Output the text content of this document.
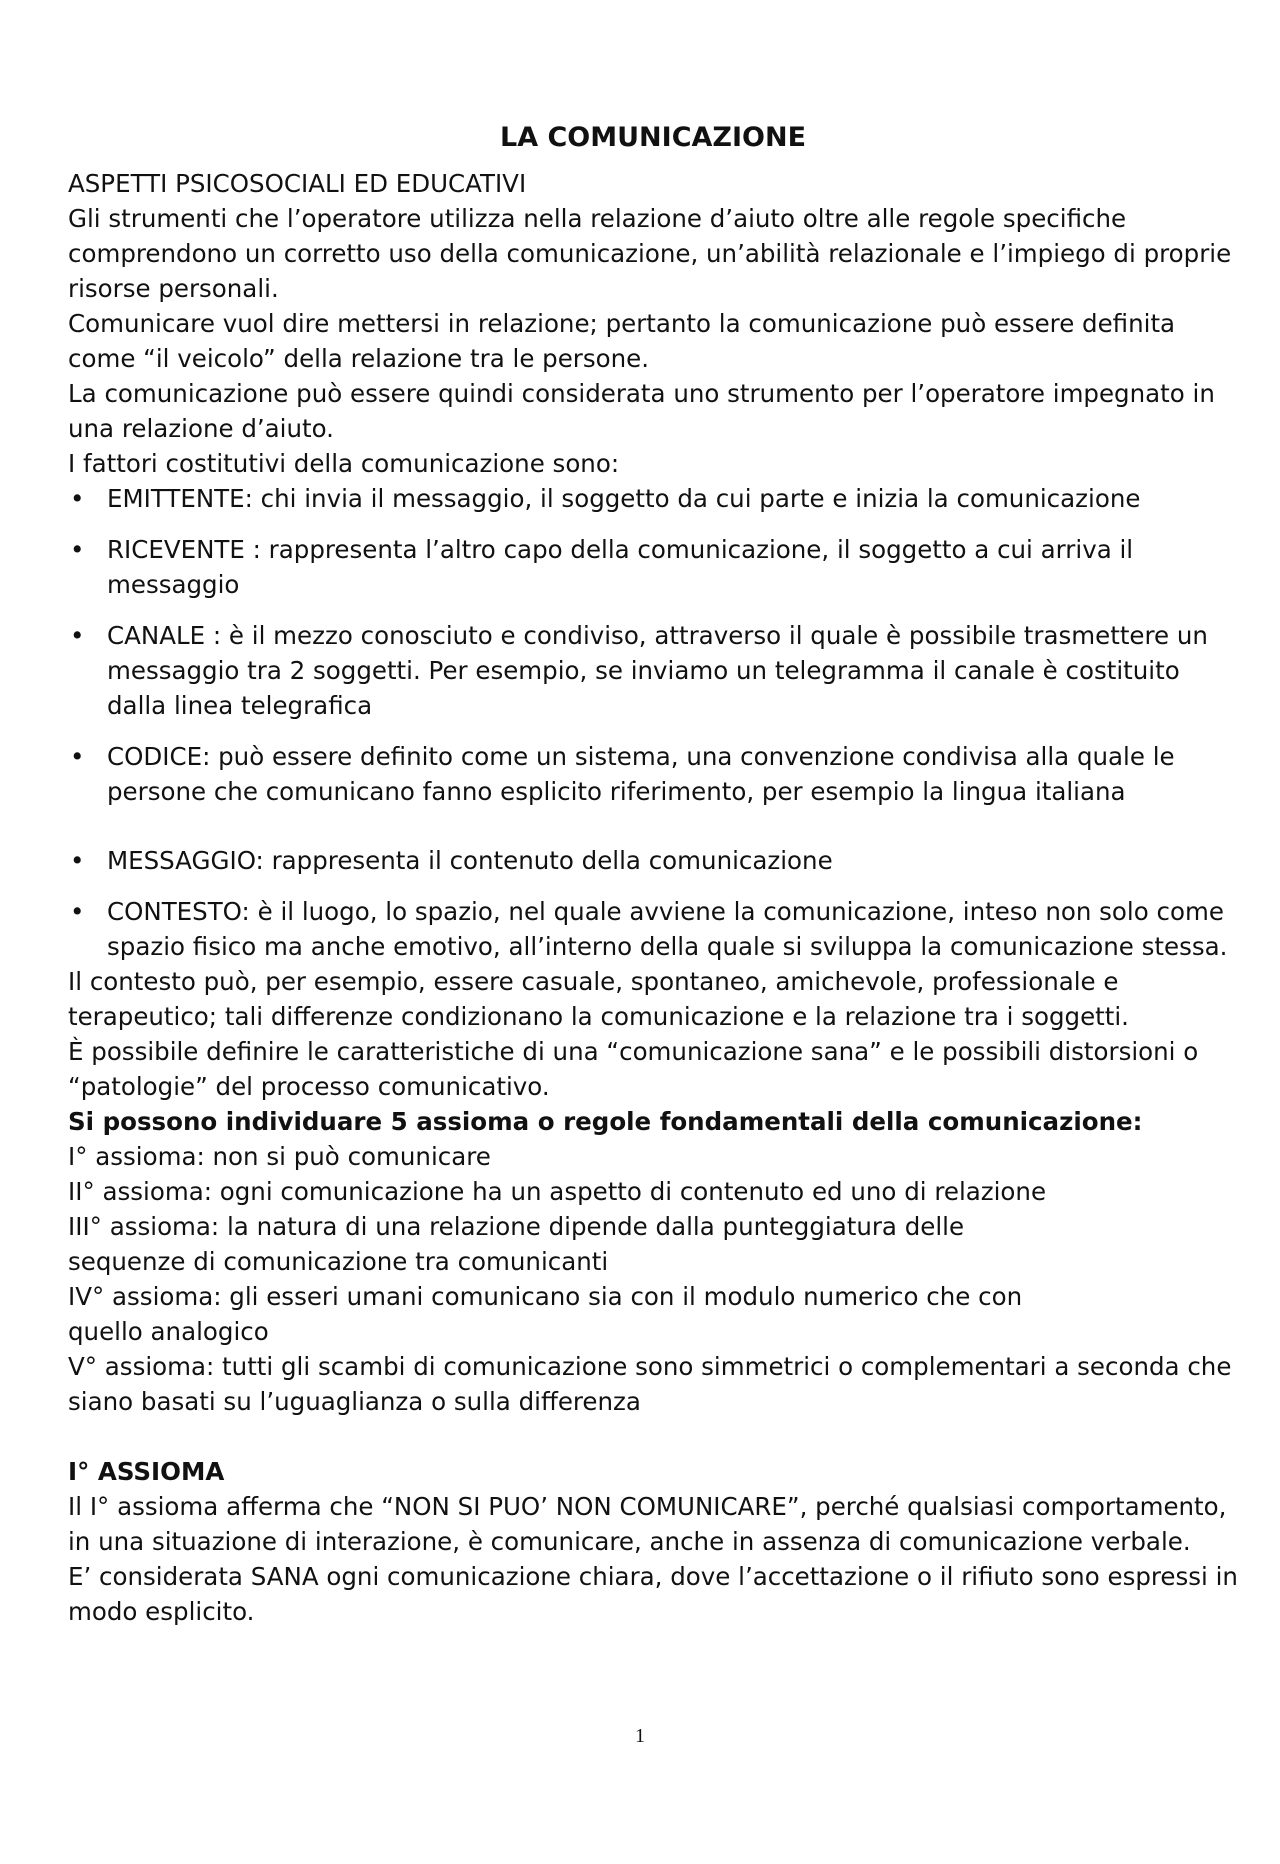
LA COMUNICAZIONE

ASPETTI PSICOSOCIALI ED EDUCATIVI

Gli strumenti che l’operatore utilizza nella relazione d’aiuto oltre alle regole specifiche comprendono un corretto uso della comunicazione, un’abilità relazionale e l’impiego di proprie risorse personali.

Comunicare vuol dire mettersi in relazione; pertanto la comunicazione può essere definita come “il veicolo” della relazione tra le persone.

La comunicazione può essere quindi considerata uno strumento per l’operatore impegnato in una relazione d’aiuto.

I fattori costitutivi della comunicazione sono:

• EMITTENTE: chi invia il messaggio, il soggetto da cui parte e inizia la comunicazione
• RICEVENTE : rappresenta l’altro capo della comunicazione, il soggetto a cui arriva il messaggio
• CANALE : è il mezzo conosciuto e condiviso, attraverso il quale è possibile trasmettere un messaggio tra 2 soggetti. Per esempio, se inviamo un telegramma il canale è costituito dalla linea telegrafica
• CODICE: può essere definito come un sistema, una convenzione condivisa alla quale le persone che comunicano fanno esplicito riferimento, per esempio la lingua italiana
• MESSAGGIO: rappresenta il contenuto della comunicazione
• CONTESTO: è il luogo, lo spazio, nel quale avviene la comunicazione, inteso non solo come spazio fisico ma anche emotivo, all’interno della quale si sviluppa la comunicazione stessa.

Il contesto può, per esempio, essere casuale, spontaneo, amichevole, professionale e terapeutico; tali differenze condizionano la comunicazione e la relazione tra i soggetti.

È possibile definire le caratteristiche di una “comunicazione sana” e le possibili distorsioni o “patologie” del processo comunicativo.

Si possono individuare 5 assioma o regole fondamentali della comunicazione:

I° assioma: non si può comunicare

II° assioma: ogni comunicazione ha un aspetto di contenuto ed uno di relazione

III° assioma: la natura di una relazione dipende dalla punteggiatura delle sequenze di comunicazione tra comunicanti

IV° assioma: gli esseri umani comunicano sia con il modulo numerico che con quello analogico

V° assioma: tutti gli scambi di comunicazione sono simmetrici o complementari a seconda che siano basati su l’uguaglianza o sulla differenza

I° ASSIOMA

Il I° assioma afferma che “NON SI PUO’ NON COMUNICARE”, perché qualsiasi comportamento, in una situazione di interazione, è comunicare, anche in assenza di comunicazione verbale.

E’ considerata SANA ogni comunicazione chiara, dove l’accettazione o il rifiuto sono espressi in modo esplicito.

1
